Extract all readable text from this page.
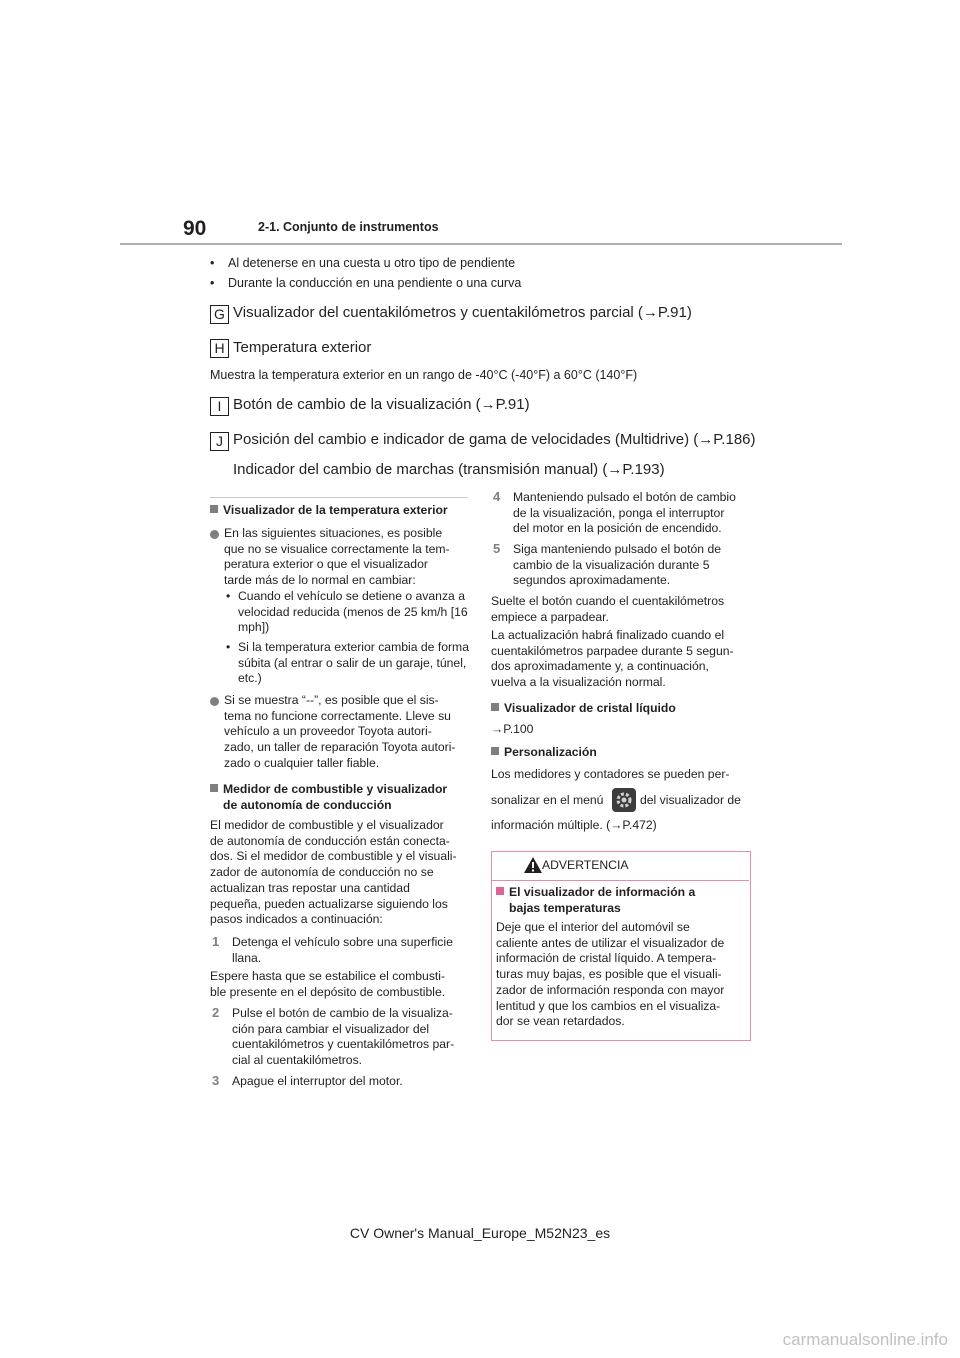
90	2-1. Conjunto de instrumentos
• Al detenerse en una cuesta u otro tipo de pendiente
• Durante la conducción en una pendiente o una curva
G Visualizador del cuentakilómetros y cuentakilómetros parcial (→P.91)
H Temperatura exterior
Muestra la temperatura exterior en un rango de -40°C (-40°F) a 60°C (140°F)
I Botón de cambio de la visualización (→P.91)
J Posición del cambio e indicador de gama de velocidades (Multidrive) (→P.186)
Indicador del cambio de marchas (transmisión manual) (→P.193)
Visualizador de la temperatura exterior
En las siguientes situaciones, es posible
que no se visualice correctamente la tem-
peratura exterior o que el visualizador
tarde más de lo normal en cambiar:
• Cuando el vehículo se detiene o avanza a
velocidad reducida (menos de 25 km/h [16
mph])
• Si la temperatura exterior cambia de forma
súbita (al entrar o salir de un garaje, túnel,
etc.)
Si se muestra “--”, es posible que el sis-
tema no funcione correctamente. Lleve su
vehículo a un proveedor Toyota autori-
zado, un taller de reparación Toyota autori-
zado o cualquier taller fiable.
Medidor de combustible y visualizador
de autonomía de conducción
El medidor de combustible y el visualizador
de autonomía de conducción están conecta-
dos. Si el medidor de combustible y el visuali-
zador de autonomía de conducción no se
actualizan tras repostar una cantidad
pequeña, pueden actualizarse siguiendo los
pasos indicados a continuación:
1 Detenga el vehículo sobre una superficie
llana.
Espere hasta que se estabilice el combusti-
ble presente en el depósito de combustible.
2 Pulse el botón de cambio de la visualiza-
ción para cambiar el visualizador del
cuentakilómetros y cuentakilómetros par-
cial al cuentakilómetros.
3 Apague el interruptor del motor.
4 Manteniendo pulsado el botón de cambio
de la visualización, ponga el interruptor
del motor en la posición de encendido.
5 Siga manteniendo pulsado el botón de
cambio de la visualización durante 5
segundos aproximadamente.
Suelte el botón cuando el cuentakilómetros
empiece a parpadear.
La actualización habrá finalizado cuando el
cuentakilómetros parpadee durante 5 segun-
dos aproximadamente y, a continuación,
vuelva a la visualización normal.
Visualizador de cristal líquido
→P.100
Personalización
Los medidores y contadores se pueden per-
sonalizar en el menú	del visualizador de
información múltiple. (→P.472)
ADVERTENCIA
El visualizador de información a
bajas temperaturas
Deje que el interior del automóvil se
caliente antes de utilizar el visualizador de
información de cristal líquido. A tempera-
turas muy bajas, es posible que el visuali-
zador de información responda con mayor
lentitud y que los cambios en el visualiza-
dor se vean retardados.
CV Owner's Manual_Europe_M52N23_es
carmanualsonline.info
